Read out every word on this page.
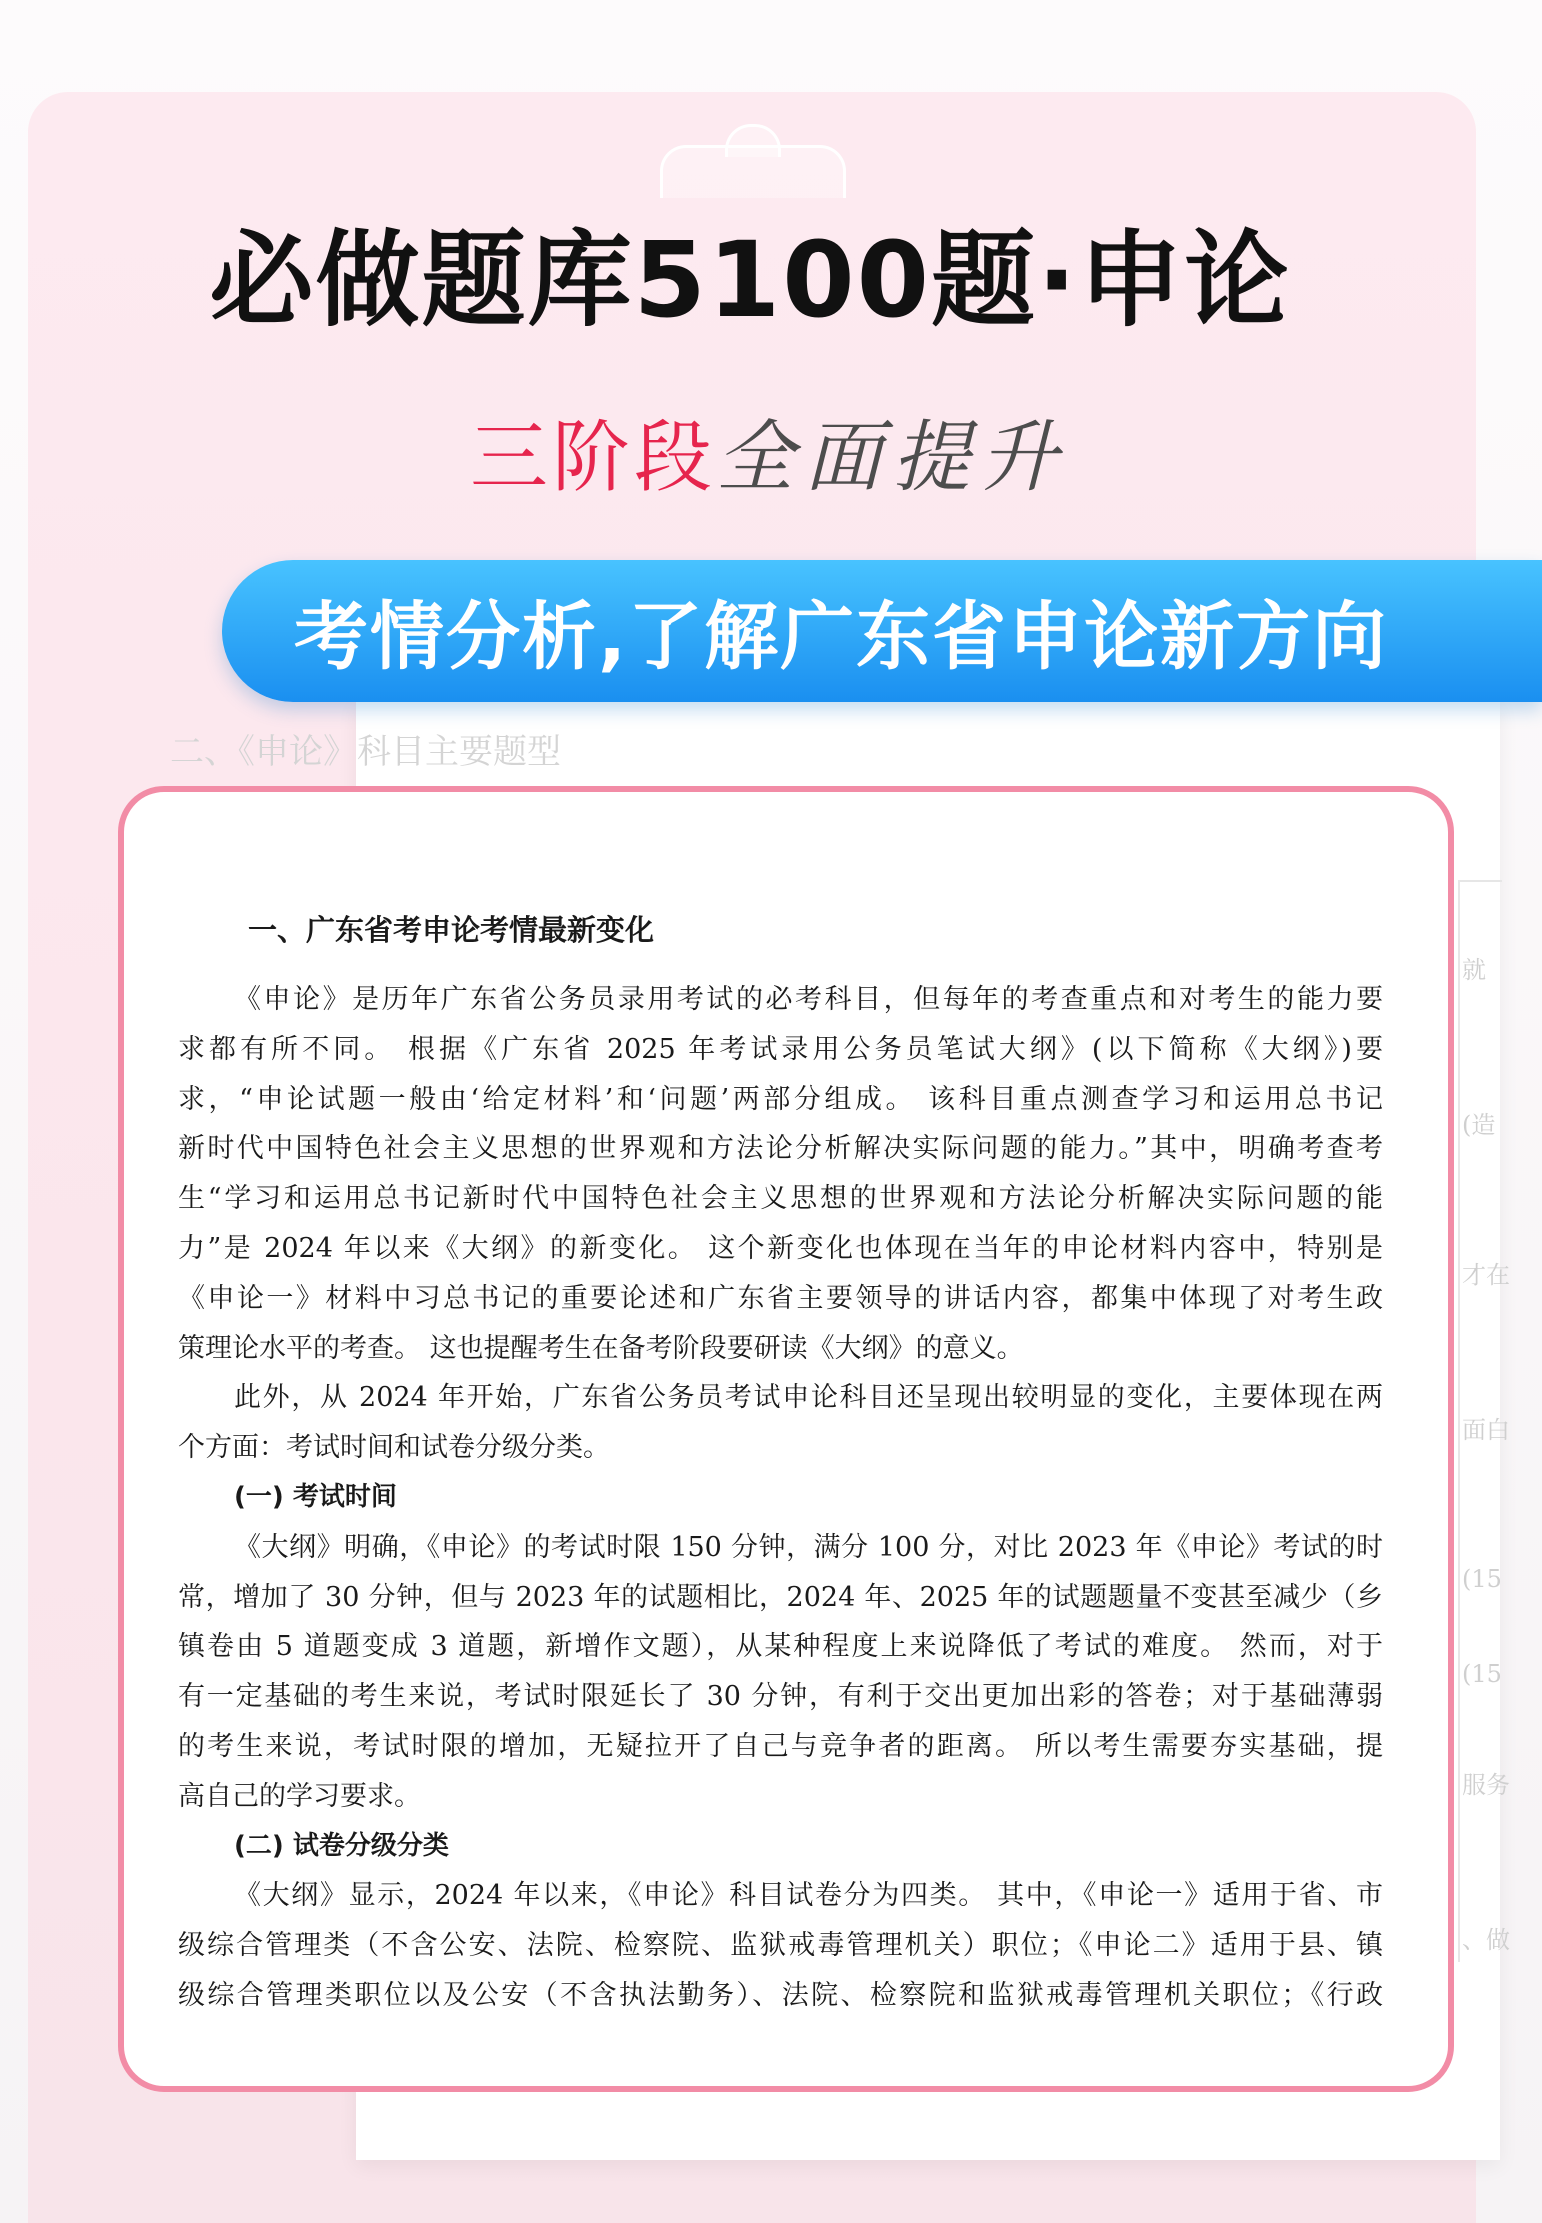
必做题库5100题·申论
三阶段全面提升
二、《申论》科目主要题型
就
(造
才在
面白
(15
(15
服务
、做
考情分析,了解广东省申论新方向
一、广东省考申论考情最新变化
《申论》是历年广东省公务员录用考试的必考科目，但每年的考查重点和对考生的能力要
求都有所不同。 根据《广东省 2025 年考试录用公务员笔试大纲》(以下简称《大纲》)要
求，“申论试题一般由‘给定材料’和‘问题’两部分组成。 该科目重点测查学习和运用总书记
新时代中国特色社会主义思想的世界观和方法论分析解决实际问题的能力。”其中，明确考查考
生“学习和运用总书记新时代中国特色社会主义思想的世界观和方法论分析解决实际问题的能
力”是 2024 年以来《大纲》的新变化。 这个新变化也体现在当年的申论材料内容中，特别是
《申论一》材料中习总书记的重要论述和广东省主要领导的讲话内容，都集中体现了对考生政
策理论水平的考查。 这也提醒考生在备考阶段要研读《大纲》的意义。
此外，从 2024 年开始，广东省公务员考试申论科目还呈现出较明显的变化，主要体现在两
个方面：考试时间和试卷分级分类。
(一) 考试时间
《大纲》明确，《申论》的考试时限 150 分钟，满分 100 分，对比 2023 年《申论》考试的时
常，增加了 30 分钟，但与 2023 年的试题相比，2024 年、2025 年的试题题量不变甚至减少（乡
镇卷由 5 道题变成 3 道题，新增作文题），从某种程度上来说降低了考试的难度。 然而，对于
有一定基础的考生来说，考试时限延长了 30 分钟，有利于交出更加出彩的答卷；对于基础薄弱
的考生来说，考试时限的增加，无疑拉开了自己与竞争者的距离。 所以考生需要夯实基础，提
高自己的学习要求。
(二) 试卷分级分类
《大纲》显示，2024 年以来，《申论》科目试卷分为四类。 其中，《申论一》适用于省、市
级综合管理类（不含公安、法院、检察院、监狱戒毒管理机关）职位；《申论二》适用于县、镇
级综合管理类职位以及公安（不含执法勤务）、法院、检察院和监狱戒毒管理机关职位；《行政
